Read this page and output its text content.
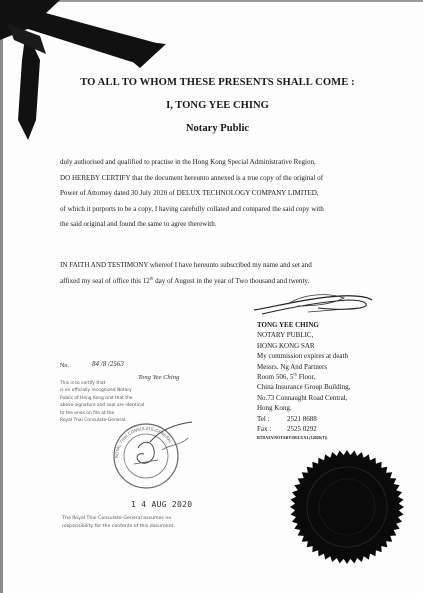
TO ALL TO WHOM THESE PRESENTS SHALL COME :
I, TONG YEE CHING
Notary Public
duly authorised and qualified to practise in the Hong Kong Special Administrative Region,
DO HEREBY CERTIFY that the document hereunto annexed is a true copy of the original of
Power of Attorney dated 30 July 2020 of DELUX TECHNOLOGY COMPANY LIMITED,
of which it purports to be a copy, I having carefully collated and compared the said copy with
the said original and found the same to agree therewith.
IN FAITH AND TESTIMONY whereof I have hereunto subscribed my name and set and
affixed my seal of office this 12th day of August in the year of Two thousand and twenty.
TONG YEE CHING
NOTARY PUBLIC,
HONG KONG SAR
My commission expires at death
Messrs. Ng And Partners
Room 506, 5th Floor,
China Insurance Group Building,
No.73 Connaught Road Central,
Hong Kong.
Tel : 2521 8688
Fax : 2525 0292
RTDATA\NOTARY\DELUX1 (14026(T))
No.	84 /8 /2563
This is to certify that
is an officially recognized Notary
Public of Hong Kong and that the
above signature and seal are identical
to the ones on file at the
Royal Thai Consulate-General.
Tong Yee Ching
ROYAL THAI CONSULATE-GENERAL
1 4 AUG 2020
The Royal Thai Consulate-General assumes no
responsibility for the contents of this document.
